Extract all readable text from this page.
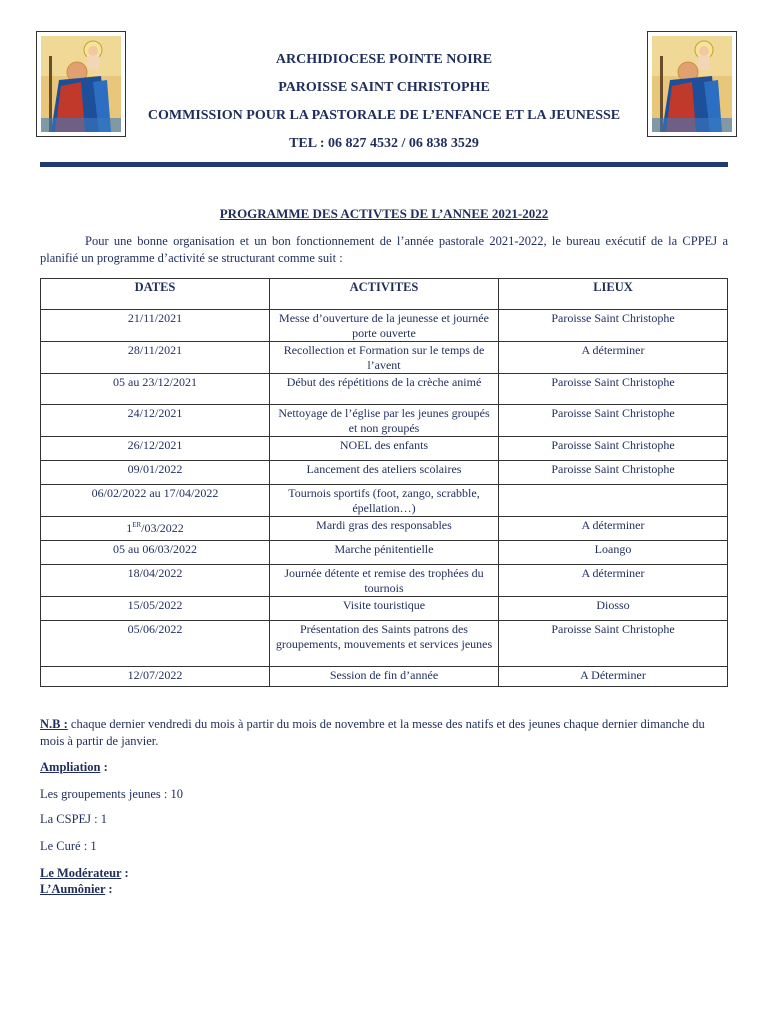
ARCHIDIOCESE POINTE NOIRE
PAROISSE SAINT CHRISTOPHE
COMMISSION POUR LA PASTORALE DE L’ENFANCE ET LA JEUNESSE
TEL : 06 827 4532 / 06 838 3529
PROGRAMME DES ACTIVTES DE L’ANNEE 2021-2022
Pour une bonne organisation et un bon fonctionnement de l’année pastorale 2021-2022, le bureau exécutif de la CPPEJ a planifié un programme d’activité se structurant comme suit :
DATES	ACTIVITES	LIEUX
21/11/2021	Messe d’ouverture de la jeunesse et journée porte ouverte	Paroisse Saint Christophe
28/11/2021	Recollection et Formation sur le temps de l’avent	A déterminer
05 au 23/12/2021	Début des répétitions de la crèche animé	Paroisse Saint Christophe
24/12/2021	Nettoyage de l’église par les jeunes groupés et non groupés	Paroisse Saint Christophe
26/12/2021	NOEL des enfants	Paroisse Saint Christophe
09/01/2022	Lancement des ateliers scolaires	Paroisse Saint Christophe
06/02/2022 au 17/04/2022	Tournois sportifs (foot, zango, scrabble, épellation…)	
1ER/03/2022	Mardi gras des responsables	A déterminer
05 au 06/03/2022	Marche pénitentielle	Loango
18/04/2022	Journée détente et remise des trophées du tournois	A déterminer
15/05/2022	Visite touristique	Diosso
05/06/2022	Présentation des Saints patrons des groupements, mouvements et services jeunes	Paroisse Saint Christophe
12/07/2022	Session de fin d’année	A Déterminer
N.B : chaque dernier vendredi du mois à partir du mois de novembre et la messe des natifs et des jeunes chaque dernier dimanche du mois à partir de janvier.
Ampliation :
Les groupements jeunes : 10
La CSPEJ : 1
Le Curé : 1
Le Modérateur :
L’Aumônier :
